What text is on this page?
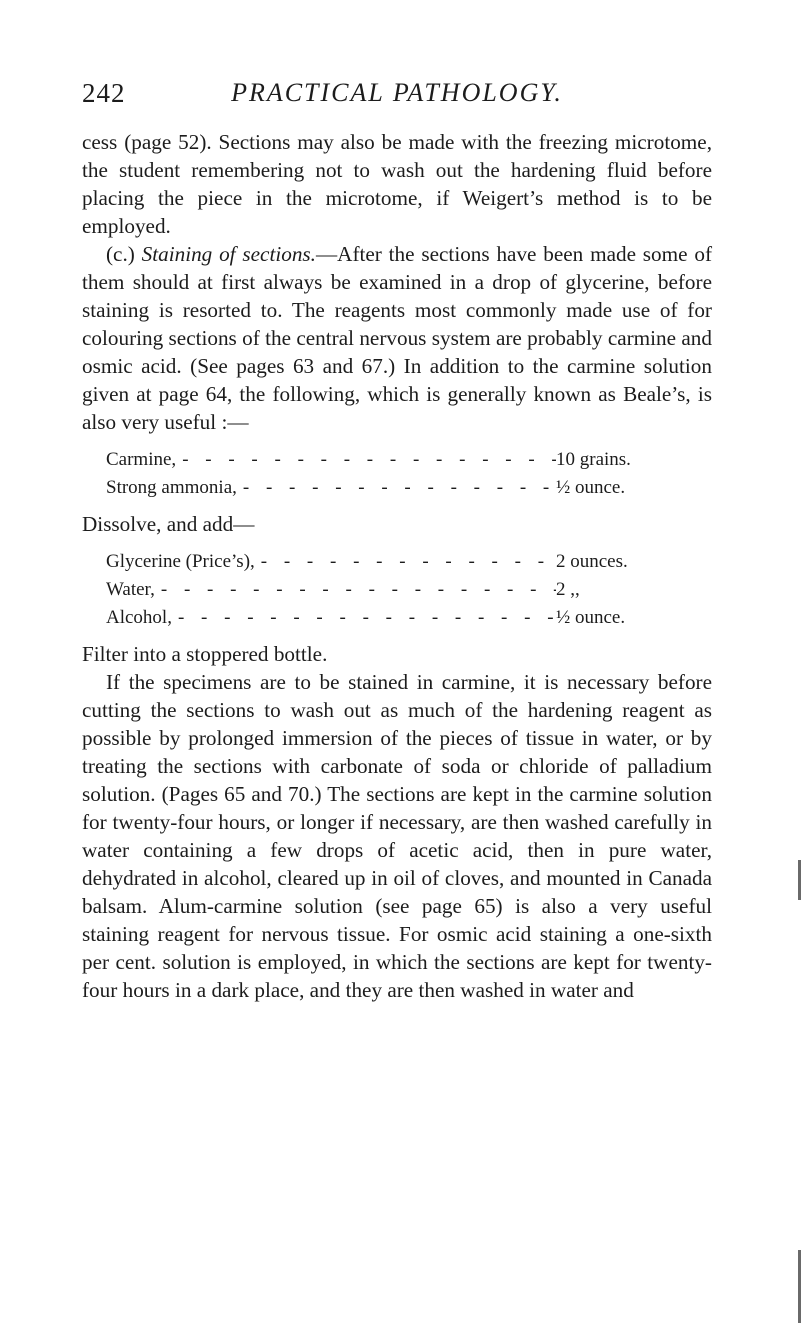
242	PRACTICAL PATHOLOGY.

cess (page 52). Sections may also be made with the freezing microtome, the student remembering not to wash out the hardening fluid before placing the piece in the microtome, if Weigert’s method is to be employed.

(c.) Staining of sections.—After the sections have been made some of them should at first always be examined in a drop of glycerine, before staining is resorted to. The reagents most commonly made use of for colouring sections of the central nervous system are probably carmine and osmic acid. (See pages 63 and 67.) In addition to the carmine solution given at page 64, the following, which is generally known as Beale’s, is also very useful :—

Carmine, - - -	10 grains.
Strong ammonia, - - -	½ ounce.

Dissolve, and add—

Glycerine (Price’s), - - -	2 ounces.
Water, - - -	2 ,,
Alcohol, - - -	½ ounce.

Filter into a stoppered bottle.

If the specimens are to be stained in carmine, it is necessary before cutting the sections to wash out as much of the hardening reagent as possible by prolonged immersion of the pieces of tissue in water, or by treating the sections with carbonate of soda or chloride of palladium solution. (Pages 65 and 70.) The sections are kept in the carmine solution for twenty-four hours, or longer if necessary, are then washed carefully in water containing a few drops of acetic acid, then in pure water, dehydrated in alcohol, cleared up in oil of cloves, and mounted in Canada balsam. Alum-carmine solution (see page 65) is also a very useful staining reagent for nervous tissue. For osmic acid staining a one-sixth per cent. solution is employed, in which the sections are kept for twenty-four hours in a dark place, and they are then washed in water and
